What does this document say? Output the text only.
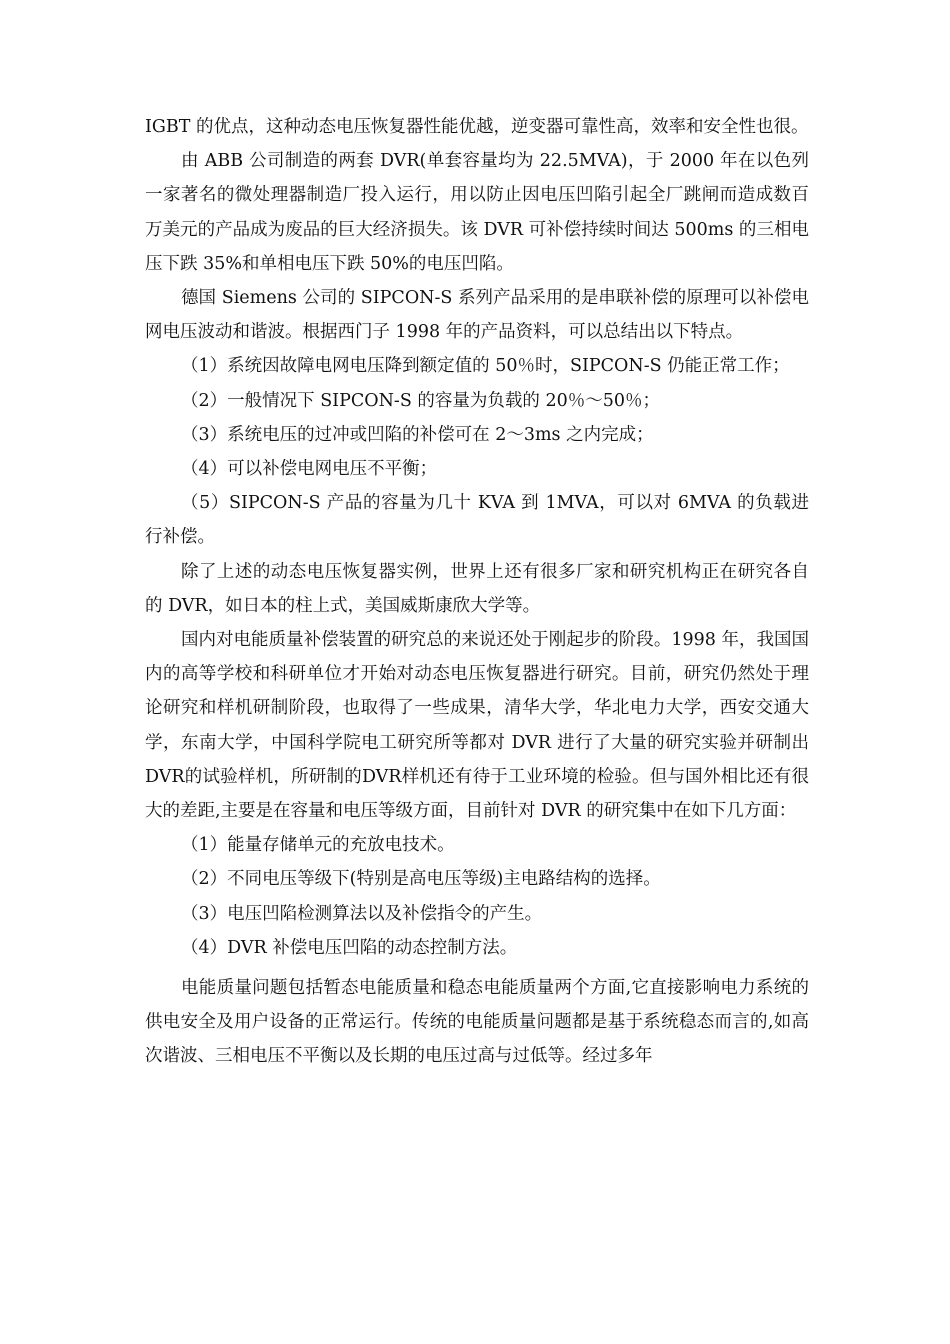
IGBT 的优点，这种动态电压恢复器性能优越，逆变器可靠性高，效率和安全性也很。

由 ABB 公司制造的两套 DVR(单套容量均为 22.5MVA)，于 2000 年在以色列一家著名的微处理器制造厂投入运行，用以防止因电压凹陷引起全厂跳闸而造成数百万美元的产品成为废品的巨大经济损失。该 DVR 可补偿持续时间达 500ms 的三相电压下跌 35%和单相电压下跌 50%的电压凹陷。

德国 Siemens 公司的 SIPCON-S 系列产品采用的是串联补偿的原理可以补偿电网电压波动和谐波。根据西门子 1998 年的产品资料，可以总结出以下特点。

（1）系统因故障电网电压降到额定值的 50％时，SIPCON-S 仍能正常工作；

（2）一般情况下 SIPCON-S 的容量为负载的 20％～50％；

（3）系统电压的过冲或凹陷的补偿可在 2～3ms 之内完成；

（4）可以补偿电网电压不平衡；

（5）SIPCON-S 产品的容量为几十 KVA 到 1MVA，可以对 6MVA 的负载进行补偿。

除了上述的动态电压恢复器实例，世界上还有很多厂家和研究机构正在研究各自的 DVR，如日本的柱上式，美国威斯康欣大学等。

国内对电能质量补偿装置的研究总的来说还处于刚起步的阶段。1998 年，我国国内的高等学校和科研单位才开始对动态电压恢复器进行研究。目前，研究仍然处于理论研究和样机研制阶段，也取得了一些成果，清华大学，华北电力大学，西安交通大学，东南大学，中国科学院电工研究所等都对 DVR 进行了大量的研究实验并研制出DVR的试验样机，所研制的DVR样机还有待于工业环境的检验。但与国外相比还有很大的差距,主要是在容量和电压等级方面，目前针对 DVR 的研究集中在如下几方面：

（1）能量存储单元的充放电技术。

（2）不同电压等级下(特别是高电压等级)主电路结构的选择。

（3）电压凹陷检测算法以及补偿指令的产生。

（4）DVR 补偿电压凹陷的动态控制方法。

电能质量问题包括暂态电能质量和稳态电能质量两个方面,它直接影响电力系统的供电安全及用户设备的正常运行。传统的电能质量问题都是基于系统稳态而言的,如高次谐波、三相电压不平衡以及长期的电压过高与过低等。经过多年
